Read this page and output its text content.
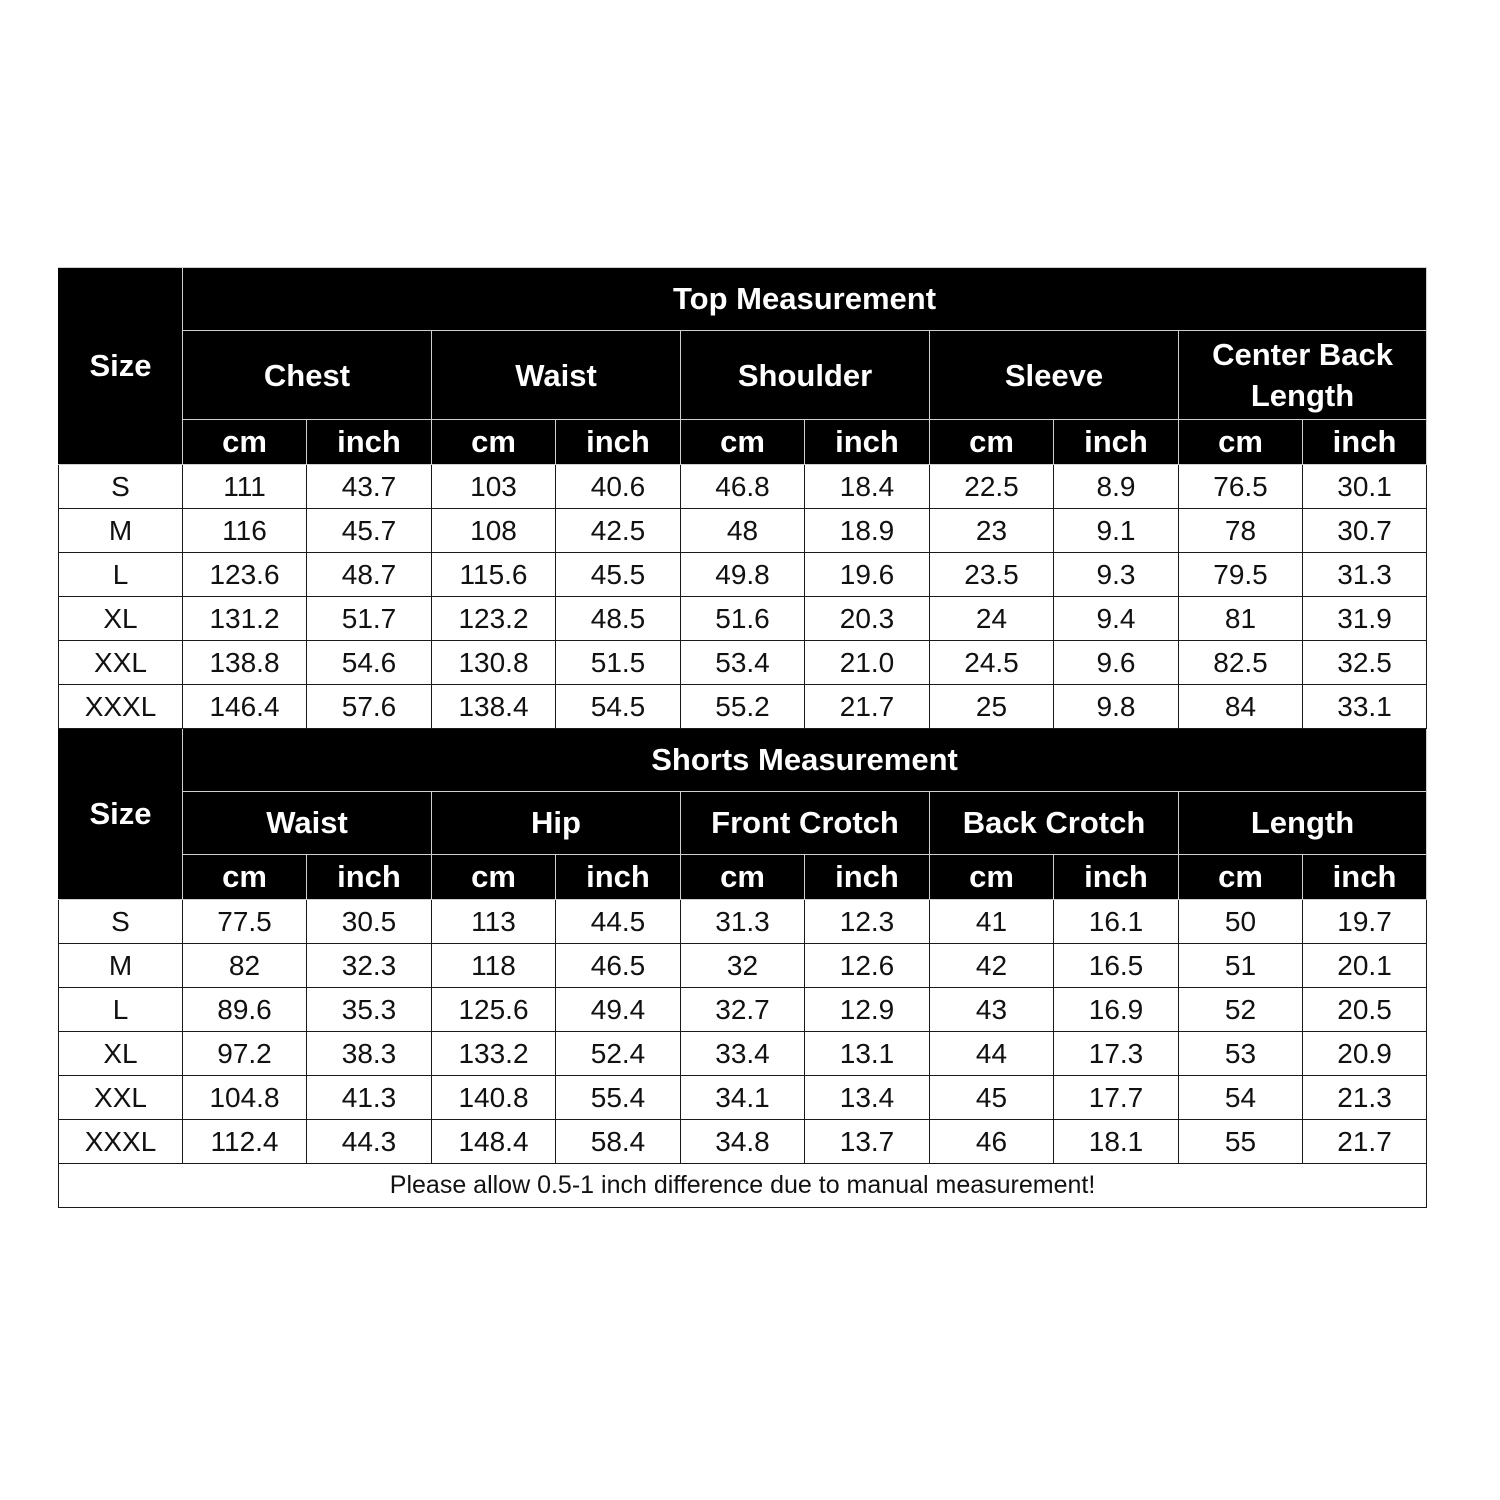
Size	Top Measurement									
	Chest		Waist		Shoulder		Sleeve		Center Back Length	
	cm	inch	cm	inch	cm	inch	cm	inch	cm	inch
S	111	43.7	103	40.6	46.8	18.4	22.5	8.9	76.5	30.1
M	116	45.7	108	42.5	48	18.9	23	9.1	78	30.7
L	123.6	48.7	115.6	45.5	49.8	19.6	23.5	9.3	79.5	31.3
XL	131.2	51.7	123.2	48.5	51.6	20.3	24	9.4	81	31.9
XXL	138.8	54.6	130.8	51.5	53.4	21.0	24.5	9.6	82.5	32.5
XXXL	146.4	57.6	138.4	54.5	55.2	21.7	25	9.8	84	33.1
Size	Shorts Measurement									
	Waist		Hip		Front Crotch		Back Crotch		Length	
	cm	inch	cm	inch	cm	inch	cm	inch	cm	inch
S	77.5	30.5	113	44.5	31.3	12.3	41	16.1	50	19.7
M	82	32.3	118	46.5	32	12.6	42	16.5	51	20.1
L	89.6	35.3	125.6	49.4	32.7	12.9	43	16.9	52	20.5
XL	97.2	38.3	133.2	52.4	33.4	13.1	44	17.3	53	20.9
XXL	104.8	41.3	140.8	55.4	34.1	13.4	45	17.7	54	21.3
XXXL	112.4	44.3	148.4	58.4	34.8	13.7	46	18.1	55	21.7
Please allow 0.5-1 inch difference due to manual measurement!										
